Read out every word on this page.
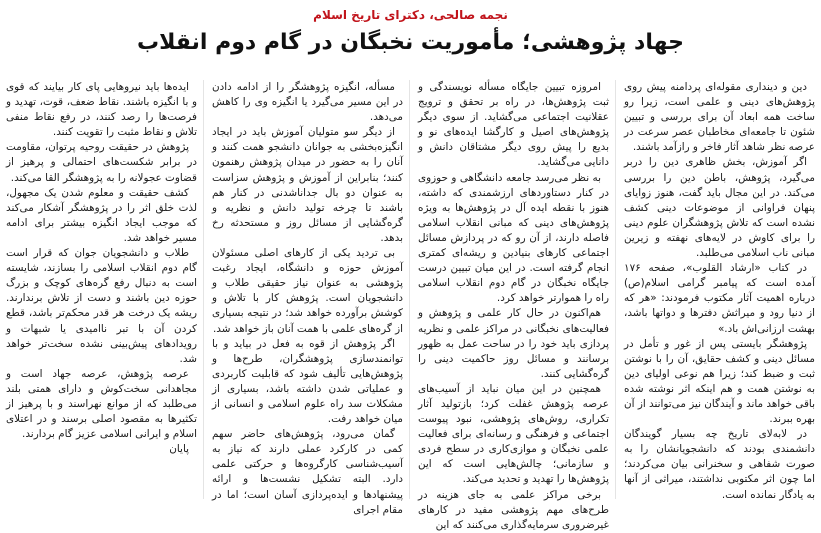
نجمه صالحی، دکترای تاریخ اسلام
جهاد پژوهشی؛ مأموریت نخبگان در گام دوم انقلاب

دین و دینداری مقوله‌ای پردامنه پیش روی پژوهش‌های دینی و علمی است، زیرا رو ساخت همه ابعاد آن برای بررسی و تبیین شئون تا جامعه‌ای مخاطبان عصر سرعت در عرصه نظر شاهد آثار فاخر و رازآمد باشند.

اگر آموزش، بخش ظاهری دین را دربر می‌گیرد، پژوهش، باطن دین را بررسی می‌کند. در این مجال باید گفت، هنوز زوایای پنهان فراوانی از موضوعات دینی کشف نشده است که تلاش پژوهشگران علوم دینی را برای کاوش در لایه‌های نهفته و زیرین مبانی ناب اسلامی می‌طلبد.

در کتاب «ارشاد القلوب»، صفحه ۱۷۶ آمده است که پیامبر گرامی اسلام(ص) درباره اهمیت آثار مکتوب فرمودند: «هر که از دنیا رود و میراثش دفترها و دواتها باشد، بهشت ارزانی‌اش باد.»

پژوهشگر بایستی پس از غور و تأمل در مسائل دینی و کشف حقایق، آن را با نوشتن ثبت و ضبط کند؛ زیرا هم نوعی اولیای دین به نوشتن همت و هم اینکه اثر نوشته شده باقی خواهد ماند و آیندگان نیز می‌توانند از آن بهره ببرند.

در لابه‌لای تاریخ چه بسیار گویندگان دانشمندی بودند که دانشجویانشان را به صورت شفاهی و سخنرانی بیان می‌کردند؛ اما چون اثر مکتوبی نداشتند، میراثی از آنها به یادگار نمانده است.

امروزه تبیین جایگاه مسأله نویسندگی و ثبت پژوهش‌ها، در راه بر تحقق و ترویج عقلانیت اجتماعی می‌گشاید. از سوی دیگر پژوهش‌های اصیل و کارگشا ایده‌های نو و بدیع را پیش روی دیگر مشتاقان دانش و دانایی می‌گشاید.

به نظر می‌رسد جامعه دانشگاهی و حوزوی در کنار دستاوردهای ارزشمندی که داشته، هنوز با نقطه ایده آل در پژوهش‌ها به ویژه پژوهش‌های دینی که مبانی انقلاب اسلامی فاصله دارند، از آن رو که در پردازش مسائل اجتماعی کارهای بنیادین و ریشه‌ای کمتری انجام گرفته است. در این میان تبیین درست جایگاه نخبگان در گام دوم انقلاب اسلامی راه را هموارتر خواهد کرد.

هم‌اکنون در حال کار علمی و پژوهش و فعالیت‌های نخبگانی در مراکز علمی و نظریه پردازی باید خود را در ساحت عمل به ظهور برسانند و مسائل روز حاکمیت دینی را گره‌گشایی کنند.

همچنین در این میان نباید از آسیب‌های عرصه پژوهش غفلت کرد؛ بازتولید آثار تکراری، روش‌های پژوهشی، نبود پیوست اجتماعی و فرهنگی و رسانه‌ای برای فعالیت علمی نخبگان و موازی‌کاری در سطح فردی و سازمانی؛ چالش‌هایی است که این پژوهش‌ها را تهدید و تحدید می‌کند.

برخی مراکز علمی به جای هزینه در طرح‌های مهم پژوهشی مفید در کارهای غیرضروری سرمایه‌گذاری می‌کنند که این

مسأله، انگیزه پژوهشگر را از ادامه دادن در این مسیر می‌گیرد یا انگیزه وی را کاهش می‌دهد.

از دیگر سو متولیان آموزش باید در ایجاد انگیزه‌بخشی به جوانان دانشجو همت کنند و آنان را به حضور در میدان پژوهش رهنمون کنند؛ بنابراین از آموزش و پژوهش سزاست به عنوان دو بال جداناشدنی در کنار هم باشند تا چرخه تولید دانش و نظریه و گره‌گشایی از مسائل روز و مستحدثه رخ بدهد.

بی تردید یکی از کارهای اصلی مسئولان آموزش حوزه و دانشگاه، ایجاد رغبت پژوهشی به عنوان نیاز حقیقی طلاب و دانشجویان است. پژوهش کار با تلاش و کوشش برآورده خواهد شد؛ در نتیجه بسیاری از گره‌های علمی با همت آنان باز خواهد شد.

اگر پژوهش از قوه به فعل در بیاید و با توانمندسازی پژوهشگران، طرح‌ها و پژوهش‌هایی تألیف شود که قابلیت کاربردی و عملیاتی شدن داشته باشد، بسیاری از مشکلات سد راه علوم اسلامی و انسانی از میان خواهد رفت.

گمان می‌رود، پژوهش‌های حاضر سهم کمی در کارکرد عملی دارند که نیاز به آسیب‌شناسی کارگروه‌ها و حرکتی علمی دارد. البته تشکیل نشست‌ها و ارائه پیشنهادها و ایده‌پردازی آسان است؛ اما در مقام اجرای

ایده‌ها باید نیروهایی پای کار بیایند که قوی و با انگیزه باشند. نقاط ضعف، قوت، تهدید و فرصت‌ها را رصد کنند، در رفع نقاط منفی تلاش و نقاط مثبت را تقویت کنند.

پژوهش در حقیقت روحیه پرتوان، مقاومت در برابر شکست‌های احتمالی و پرهیز از قضاوت عجولانه را به پژوهشگر القا می‌کند.

کشف حقیقت و معلوم شدن یک مجهول، لذت خلق اثر را در پژوهشگر آشکار می‌کند که موجب ایجاد انگیزه بیشتر برای ادامه مسیر خواهد شد.

طلاب و دانشجویان جوان که قرار است گام دوم انقلاب اسلامی را بسازند، شایسته است به دنبال رفع گره‌های کوچک و بزرگ حوزه دین باشند و دست از تلاش برندارند. ریشه یک درخت هر قدر محکم‌تر باشد، قطع کردن آن با تبر ناامیدی یا شبهات و رویدادهای پیش‌بینی نشده سخت‌تر خواهد شد.

عرصه پژوهش، عرصه جهاد است و مجاهدانی سخت‌کوش و دارای همتی بلند می‌طلبد که از موانع نهراسند و با پرهیز از تکثیرها به مقصود اصلی برسند و در اعتلای اسلام و ایرانی اسلامی عزیز گام بردارند.

پایان
